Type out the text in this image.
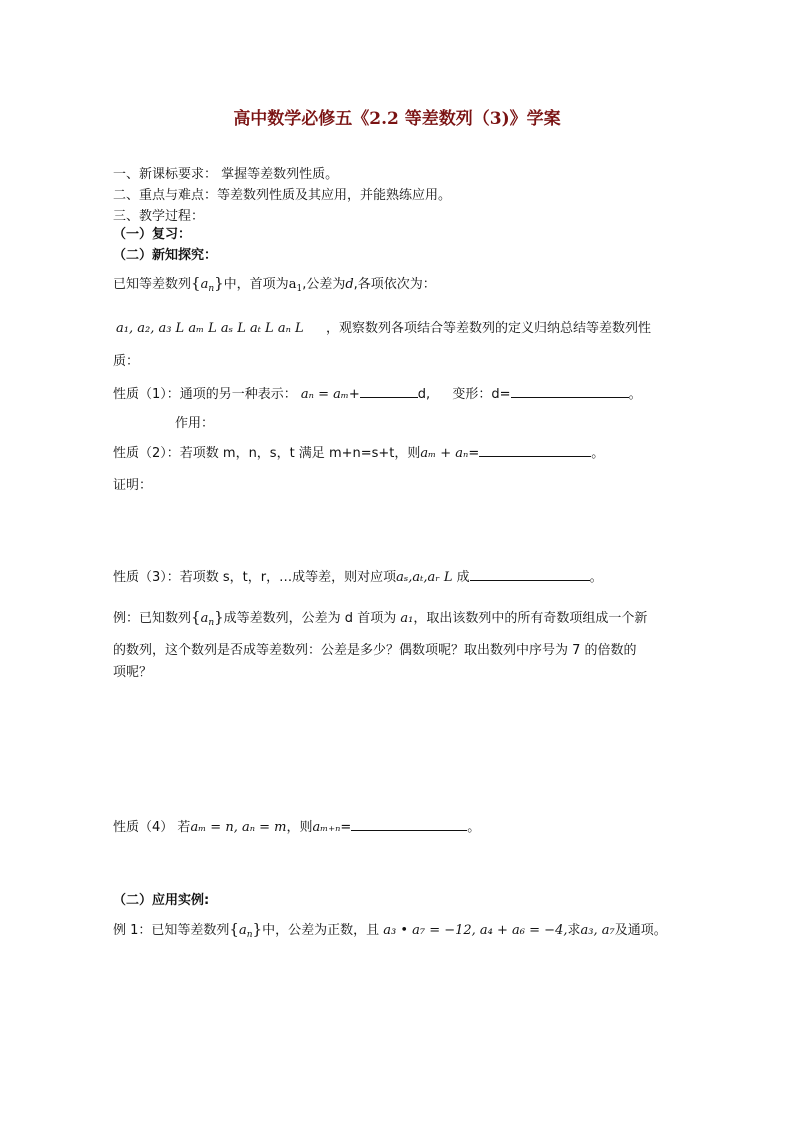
高中数学必修五《2.2 等差数列（3)》学案
一、新课标要求： 掌握等差数列性质。
二、重点与难点：等差数列性质及其应用，并能熟练应用。
三、教学过程：
（一）复习：
（二）新知探究：
已知等差数列$\{a_n\}$中，首项为$a_1$,公差为d,各项依次为：
a₁, a₂, a₃ L aₘ L aₛ L aₜ L aₙ L ，观察数列各项结合等差数列的定义归纳总结等差数列性
质：
性质（1）：通项的另一种表示： aₙ = aₘ+	d, 变形：d=	。
作用：
性质（2）：若项数 m，n，s，t 满足 m+n=s+t，则aₘ + aₙ=	。
证明：
性质（3）：若项数 s，t，r，…成等差，则对应项aₛ,aₜ,aᵣ L 成	。
例：已知数列$\{a_n\}$成等差数列，公差为 d 首项为 a₁，取出该数列中的所有奇数项组成一个新
的数列，这个数列是否成等差数列：公差是多少？偶数项呢？取出数列中序号为 7 的倍数的
项呢？
性质（4） 若aₘ = n, aₙ = m，则aₘ₊ₙ=	。
（二）应用实例:
例 1：已知等差数列$\{a_n\}$中，公差为正数，且 a₃ • a₇ = −12, a₄ + a₆ = −4,求a₃, a₇及通项。
